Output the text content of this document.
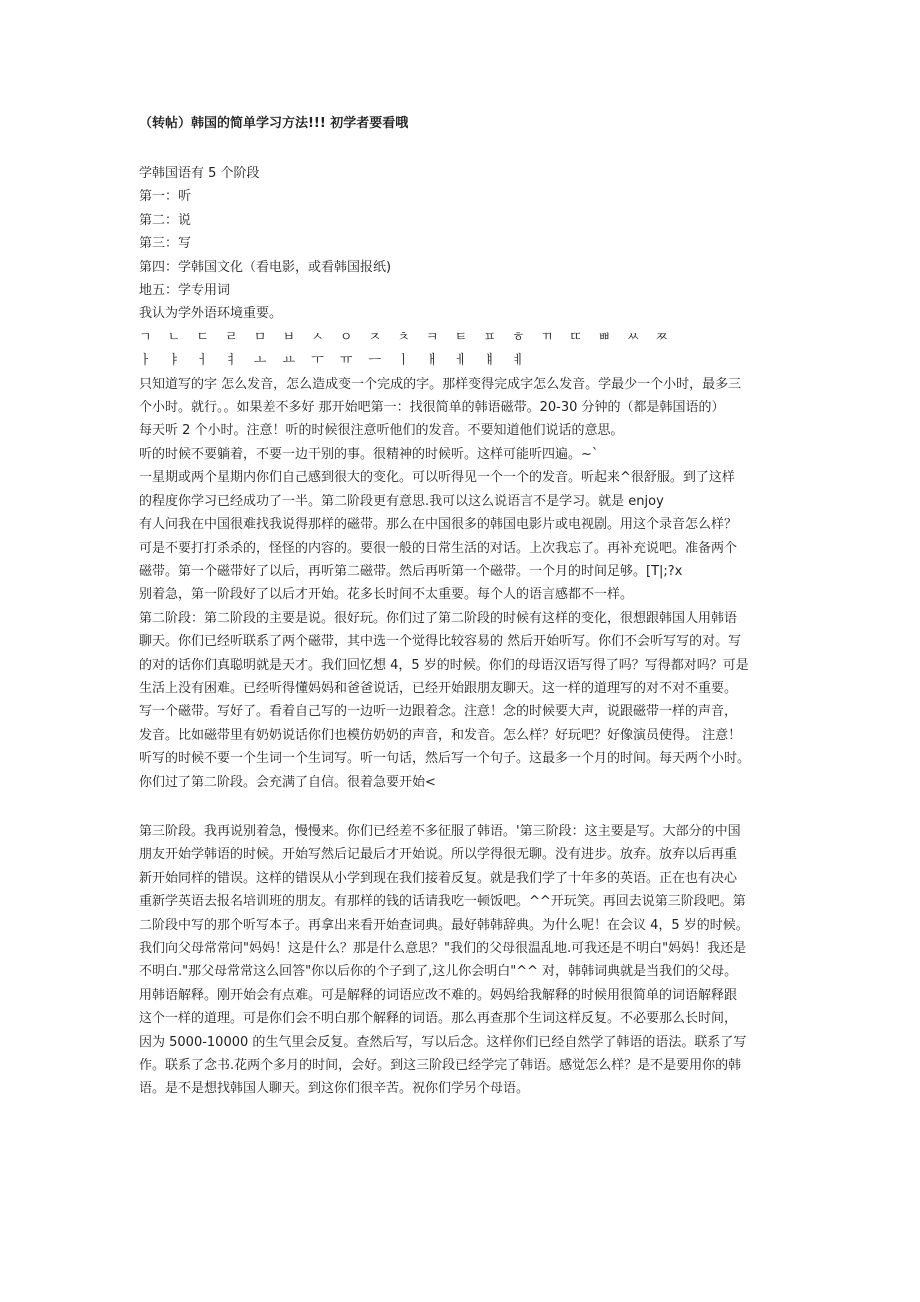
（转帖）韩国的简单学习方法!!! 初学者要看哦
学韩国语有 5 个阶段
第一：听
第二：说
第三：写
第四：学韩国文化（看电影，或看韩国报纸)
地五：学专用词
我认为学外语环境重要。
ㄱ ㄴ ㄷ ㄹ ㅁ ㅂ ㅅ ㅇ ㅈ ㅊ ㅋ ㅌ ㅍ ㅎ ㄲ ㄸ ㅃ ㅆ ㅉ
ㅏ ㅑ ㅓ ㅕ ㅗ ㅛ ㅜ ㅠ ㅡ ㅣ ㅐ ㅔ ㅒ ㅖ
只知道写的字 怎么发音，怎么造成变一个完成的字。那样变得完成字怎么发音。学最少一个小时，最多三
个小时。就行。。如果差不多好 那开始吧第一：找很简单的韩语磁带。20-30 分钟的（都是韩国语的）
每天听 2 个小时。注意！听的时候很注意听他们的发音。不要知道他们说话的意思。
听的时候不要躺着，不要一边干别的事。很精神的时候听。这样可能听四遍。~`
一星期或两个星期内你们自己感到很大的变化。可以听得见一个一个的发音。听起来^很舒服。到了这样
的程度你学习已经成功了一半。第二阶段更有意思.我可以这么说语言不是学习。就是 enjoy
有人问我在中国很难找我说得那样的磁带。那么在中国很多的韩国电影片或电视剧。用这个录音怎么样？
可是不要打打杀杀的，怪怪的内容的。要很一般的日常生活的对话。上次我忘了。再补充说吧。准备两个
磁带。第一个磁带好了以后，再听第二磁带。然后再听第一个磁带。一个月的时间足够。[T|;?x
别着急，第一阶段好了以后才开始。花多长时间不太重要。每个人的语言感都不一样。
第二阶段：第二阶段的主要是说。很好玩。你们过了第二阶段的时候有这样的变化，很想跟韩国人用韩语
聊天。你们已经听联系了两个磁带，其中选一个觉得比较容易的 然后开始听写。你们不会听写写的对。写
的对的话你们真聪明就是天才。我们回忆想 4，5 岁的时候。你们的母语汉语写得了吗？写得都对吗？可是
生活上没有困难。已经听得懂妈妈和爸爸说话，已经开始跟朋友聊天。这一样的道理写的对不对不重要。
写一个磁带。写好了。看着自己写的一边听一边跟着念。注意！念的时候要大声，说跟磁带一样的声音，
发音。比如磁带里有奶奶说话你们也模仿奶奶的声音，和发音。怎么样？好玩吧？好像演员使得。 注意！
听写的时候不要一个生词一个生词写。听一句话，然后写一个句子。这最多一个月的时间。每天两个小时。
你们过了第二阶段。会充满了自信。很着急要开始<
第三阶段。我再说别着急，慢慢来。你们已经差不多征服了韩语。'第三阶段：这主要是写。大部分的中国
朋友开始学韩语的时候。开始写然后记最后才开始说。所以学得很无聊。没有进步。放弃。放弃以后再重
新开始同样的错误。这样的错误从小学到现在我们接着反复。就是我们学了十年多的英语。正在也有决心
重新学英语去报名培训班的朋友。有那样的钱的话请我吃一顿饭吧。^^开玩笑。再回去说第三阶段吧。第
二阶段中写的那个听写本子。再拿出来看开始查词典。最好韩韩辞典。为什么呢！在会议 4，5 岁的时候。
我们向父母常常问"妈妈！这是什么？那是什么意思？"我们的父母很温乱地.可我还是不明白"妈妈！我还是
不明白."那父母常常这么回答"你以后你的个子到了,这儿你会明白"^^ 对，韩韩词典就是当我们的父母。
用韩语解释。刚开始会有点难。可是解释的词语应改不难的。妈妈给我解释的时候用很简单的词语解释跟
这个一样的道理。可是你们会不明白那个解释的词语。那么再查那个生词这样反复。不必要那么长时间，
因为 5000-10000 的生气里会反复。查然后写，写以后念。这样你们已经自然学了韩语的语法。联系了写
作。联系了念书.花两个多月的时间，会好。到这三阶段已经学完了韩语。感觉怎么样？是不是要用你的韩
语。是不是想找韩国人聊天。到这你们很辛苦。祝你们学另个母语。
